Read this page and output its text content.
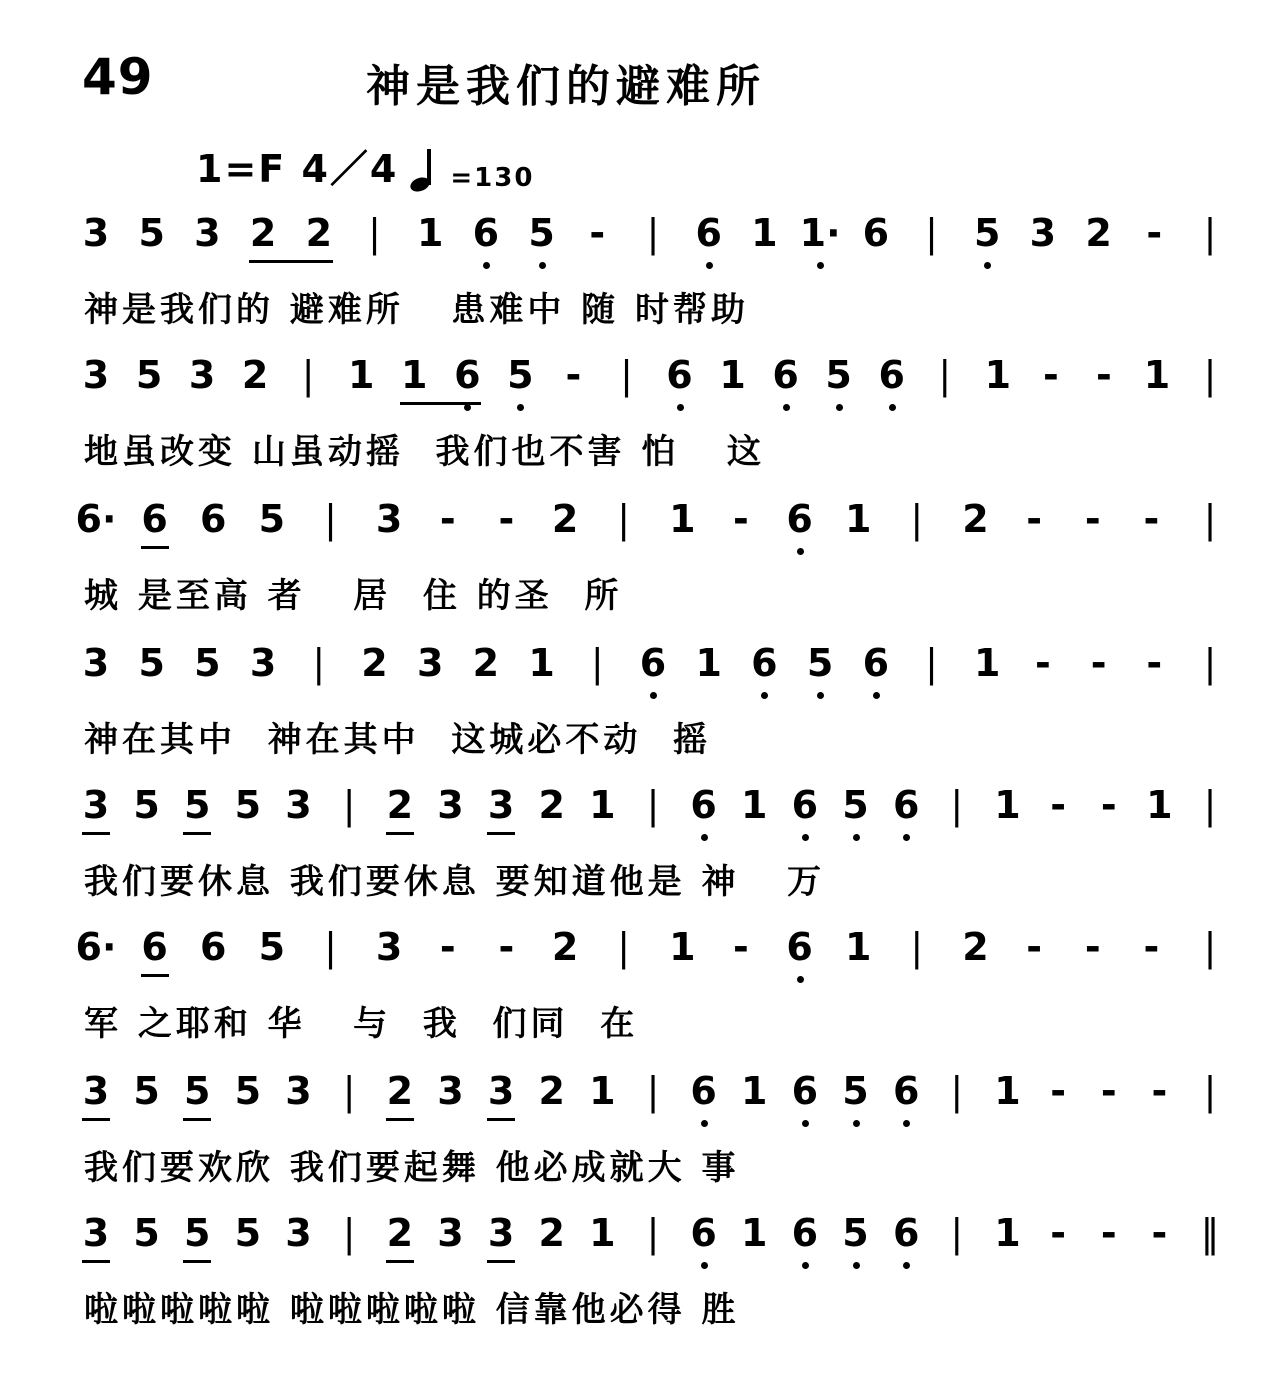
49	神是我们的避难所
1=F 4／4 =130
3 5 3 2 2 | 1 6 5 - | 6 1 1· 6 | 5 3 2 - |
神是我们的 避难所   患难中 随 时帮助
3 5 3 2 | 1 1 6 5 - | 6 1 6 5 6 | 1 - - 1 |
地虽改变 山虽动摇  我们也不害 怕   这
6· 6 6 5 | 3 - - 2 | 1 - 6 1 | 2 - - - |
城 是至高 者   居  住 的圣  所
3 5 5 3 | 2 3 2 1 | 6 1 6 5 6 | 1 - - - |
神在其中  神在其中  这城必不动  摇
3 5 5 5 3 | 2 3 3 2 1 | 6 1 6 5 6 | 1 - - 1 |
我们要休息 我们要休息 要知道他是 神   万
6· 6 6 5 | 3 - - 2 | 1 - 6 1 | 2 - - - |
军 之耶和 华   与  我  们同  在
3 5 5 5 3 | 2 3 3 2 1 | 6 1 6 5 6 | 1 - - - |
我们要欢欣 我们要起舞 他必成就大 事
3 5 5 5 3 | 2 3 3 2 1 | 6 1 6 5 6 | 1 - - - ‖
啦啦啦啦啦 啦啦啦啦啦 信靠他必得 胜
